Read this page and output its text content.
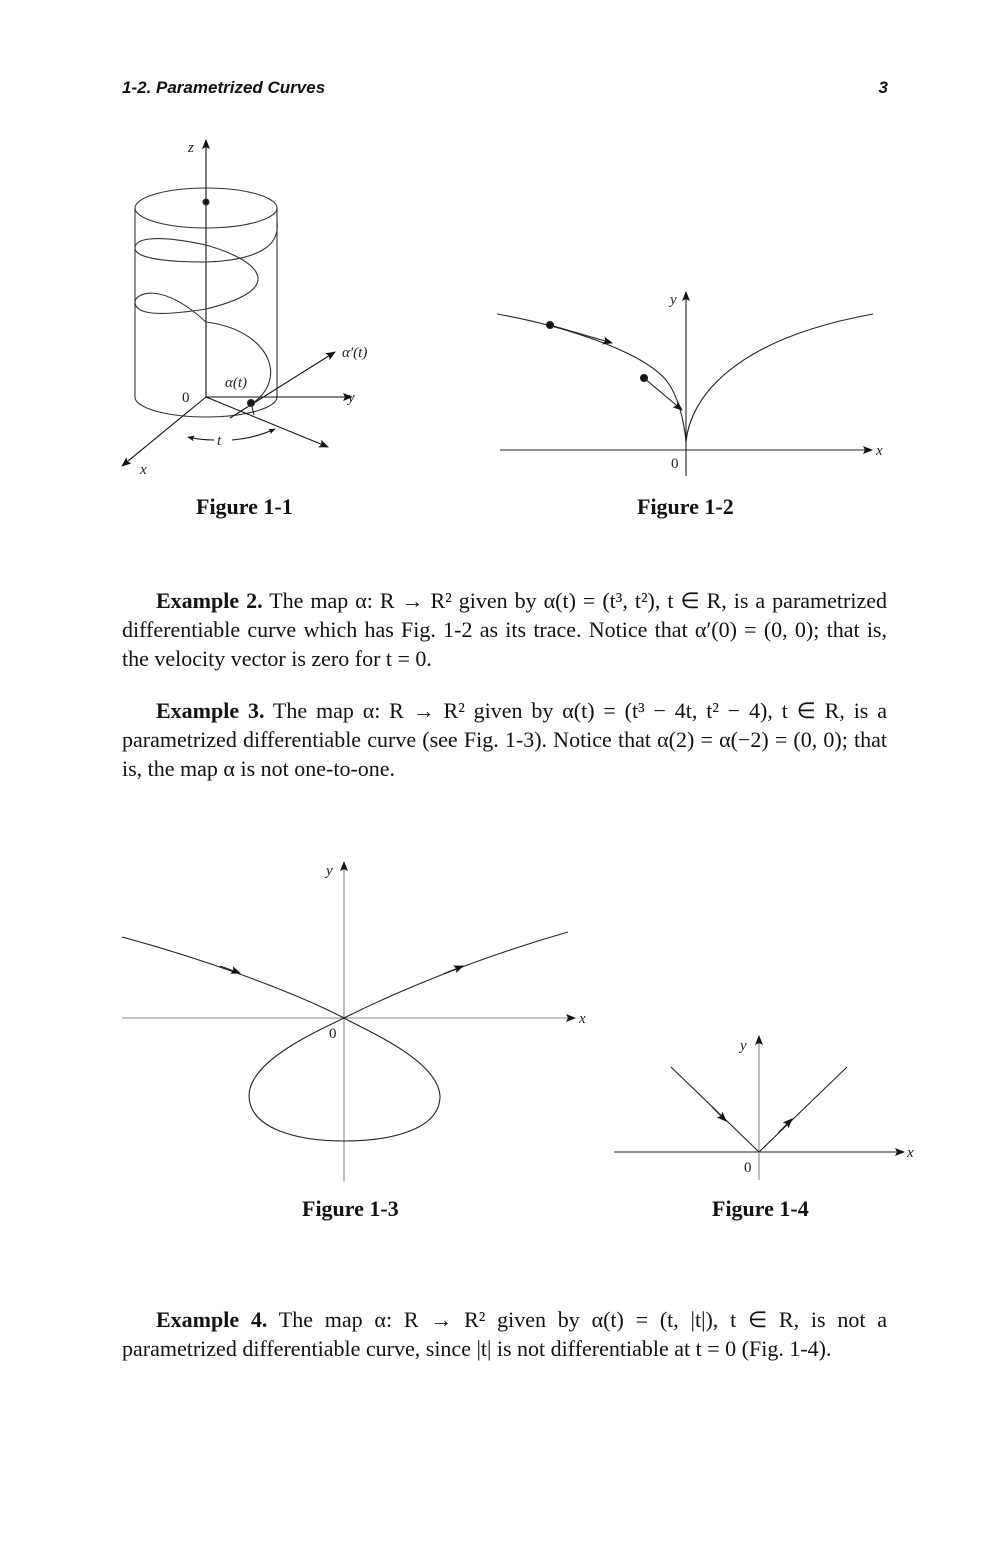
1-2. Parametrized Curves	3
z
α′(t)
α(t)
0	y
t
x
y
x
0
y
x
0
y
x
0
Figure 1-1	Figure 1-2
Figure 1-3	Figure 1-4

Example 2. The map α: R → R² given by α(t) = (t³, t²), t ∈ R, is a parametrized differentiable curve which has Fig. 1-2 as its trace. Notice that α′(0) = (0, 0); that is, the velocity vector is zero for t = 0.

Example 3. The map α: R → R² given by α(t) = (t³ − 4t, t² − 4), t ∈ R, is a parametrized differentiable curve (see Fig. 1-3). Notice that α(2) = α(−2) = (0, 0); that is, the map α is not one-to-one.

Example 4. The map α: R → R² given by α(t) = (t, |t|), t ∈ R, is not a parametrized differentiable curve, since |t| is not differentiable at t = 0 (Fig. 1-4).
